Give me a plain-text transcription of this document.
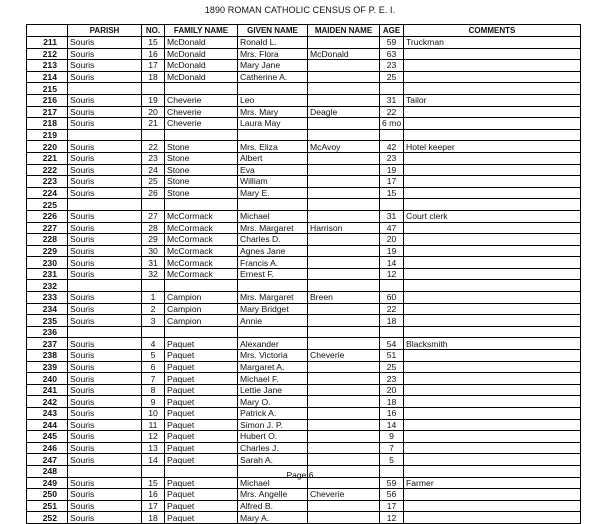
1890 ROMAN CATHOLIC CENSUS OF P. E. I.
	PARISH	NO.	FAMILY NAME	GIVEN NAME	MAIDEN NAME	AGE	COMMENTS
211	Souris	15	McDonald	Ronald L.		59	Truckman
212	Souris	16	McDonald	Mrs. Flora	McDonald	63	
213	Souris	17	McDonald	Mary Jane		23	
214	Souris	18	McDonald	Catherine A.		25	
215							
216	Souris	19	Cheverie	Leo		31	Tailor
217	Souris	20	Cheverie	Mrs. Mary	Deagle	22	
218	Souris	21	Cheverie	Laura May		6 mo	
219							
220	Souris	22	Stone	Mrs. Eliza	McAvoy	42	Hotel keeper
221	Souris	23	Stone	Albert		23	
222	Souris	24	Stone	Eva		19	
223	Souris	25	Stone	William		17	
224	Souris	26	Stone	Mary E.		15	
225							
226	Souris	27	McCormack	Michael		31	Court clerk
227	Souris	28	McCormack	Mrs. Margaret	Harrison	47	
228	Souris	29	McCormack	Charles D.		20	
229	Souris	30	McCormack	Agnes Jane		19	
230	Souris	31	McCormack	Francis A.		14	
231	Souris	32	McCormack	Ernest F.		12	
232							
233	Souris	1	Campion	Mrs. Margaret	Breen	60	
234	Souris	2	Campion	Mary Bridget		22	
235	Souris	3	Campion	Annie		18	
236							
237	Souris	4	Paquet	Alexander		54	Blacksmith
238	Souris	5	Paquet	Mrs. Victoria	Cheverie	51	
239	Souris	6	Paquet	Margaret A.		25	
240	Souris	7	Paquet	Michael F.		23	
241	Souris	8	Paquet	Lettie Jane		20	
242	Souris	9	Paquet	Mary O.		18	
243	Souris	10	Paquet	Patrick A.		16	
244	Souris	11	Paquet	Simon J. P.		14	
245	Souris	12	Paquet	Hubert O.		9	
246	Souris	13	Paquet	Charles J.		7	
247	Souris	14	Paquet	Sarah A.		5	
248							
249	Souris	15	Paquet	Michael		59	Farmer
250	Souris	16	Paquet	Mrs. Angelle	Cheverie	56	
251	Souris	17	Paquet	Alfred B.		17	
252	Souris	18	Paquet	Mary A.		12	
Page 6
